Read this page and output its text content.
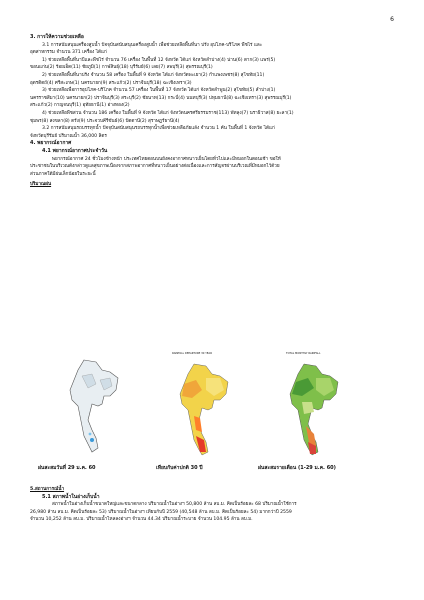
6

3. การให้ความช่วยเหลือ

3.1 การสนับสนุนเครื่องสูบน้ำ ปัจจุบันสนับสนุนเครื่องสูบน้ำ เพื่อช่วยเหลือพื้นที่นา ปรัง อุปโภค-บริโภค พืชไร่ และ

อุตสาหกรรม จำนวน 371 เครื่อง ได้แก่

1) ช่วยเหลือพื้นที่นาปีและพืชไร่ จำนวน 76 เครื่อง ในพื้นที่ 12 จังหวัด ได้แก่ จังหวัดลำปาง(4) น่าน(6) ตาก(3) แพร่(5)

ขอนแก่น(2) ร้อยเอ็ด(11) ชัยภูมิ(1) กาฬสินธุ์(18) บุรีรัมย์(6) เลย(7) ลพบุรี(3) สุพรรณบุรี(1)

2) ช่วยเหลือพื้นที่นาปรัง จำนวน 58 เครื่อง ในพื้นที่ 9 จังหวัด ได้แก่ จังหวัดพะเยา(2) กำแพงเพชร(8) สุโขทัย(11)

อุตรดิตถ์(4) ศรีสะเกษ(1) นครนายก(9) สระแก้ว(2) ปราจีนบุรี(18) ฉะเชิงเทรา(3)

3) ช่วยเหลือเพื่อการอุปโภค-บริโภค จำนวน 57 เครื่อง ในพื้นที่ 17 จังหวัด ได้แก่ จังหวัดลำพูน(2) สุโขทัย(5) ลำปาง(1)

นครราชสีมา(10) นครนายก(2) ปราจีนบุรี(3) สระบุรี(2) ชัยนาท(13) กระบี่(4) นนทบุรี(3) ปทุมธานี(8) ฉะเชิงเทรา(3) สุพรรณบุรี(1)

สระแก้ว(2) กาญจนบุรี(1) อุทัยธานี(1) อ่างทอง(2)

4) ช่วยเหลือพืชสวน จำนวน 186 เครื่อง ในพื้นที่ 9 จังหวัด ได้แก่ จังหวัดนครศรีธรรมราช(113) พัทลุง(7) นราธิวาส(8) ยะลา(1)

ชุมพร(8) สงขลา(8) ตรัง(9) ประจวบคีรีขันธ์(6) ปัตตานี(2) สุราษฎร์ธานี(4)

3.2 การสนับสนุนรถบรรทุกน้ำ ปัจจุบันสนับสนุนรถบรรทุกน้ำเพื่อช่วยเหลือภัยแล้ง จำนวน 1 คัน ในพื้นที่ 1 จังหวัด ได้แก่

จังหวัดบุรีรัมย์ ปริมาณน้ำ 36,000 ลิตร

4. พยากรณ์อากาศ

4.1 พยากรณ์อากาศประจำวัน

พยากรณ์อากาศ 24 ชั่วโมงข้างหน้า ประเทศไทยตอนบนยังคงอากาศหนาวเย็นโดยทั่วไปและมีหมอกในตอนเช้า ขอให้

ประชาชนในบริเวณดังกล่าวดูแลสุขภาพเนื่องจากสภาพอากาศที่หนาวเย็นอย่างต่อเนื่องและการสัญจรผ่านบริเวณที่มีหมอกไว้ด้วย

ส่วนภาคใต้มีฝนเล็กน้อยในระยะนี้

ปริมาณฝน

RAINFALL DEPARTURE 30 YEAR	TOTAL MONTHLY RAINFALL
ฝนสะสมวันที่ 29 ม.ค. 60	เทียบกับค่าปกติ 30 ปี	ฝนสะสมรายเดือน (1-29 ม.ค. 60)

5.สถานการณ์น้ำ

5.1 สภาพน้ำในอ่างเก็บน้ำ

สภาพน้ำในอ่างเก็บน้ำขนาดใหญ่และขนาดกลาง ปริมาณน้ำในอ่างฯ 50,800 ล้าน ลบ.ม. คิดเป็นร้อยละ 68 ปริมาณน้ำใช้การ

26,980 ล้าน ลบ.ม. คิดเป็นร้อยละ 53) ปริมาณน้ำในอ่างฯ เทียบกับปี 2559 (40,548 ล้าน ลบ.ม. คิดเป็นร้อยละ 54) มากกว่าปี 2559

จำนวน 10,252 ล้าน ลบ.ม. ปริมาณน้ำไหลลงอ่างฯ จำนวน 44.34 ปริมาณน้ำระบาย จำนวน 104.95 ล้าน ลบ.ม.
